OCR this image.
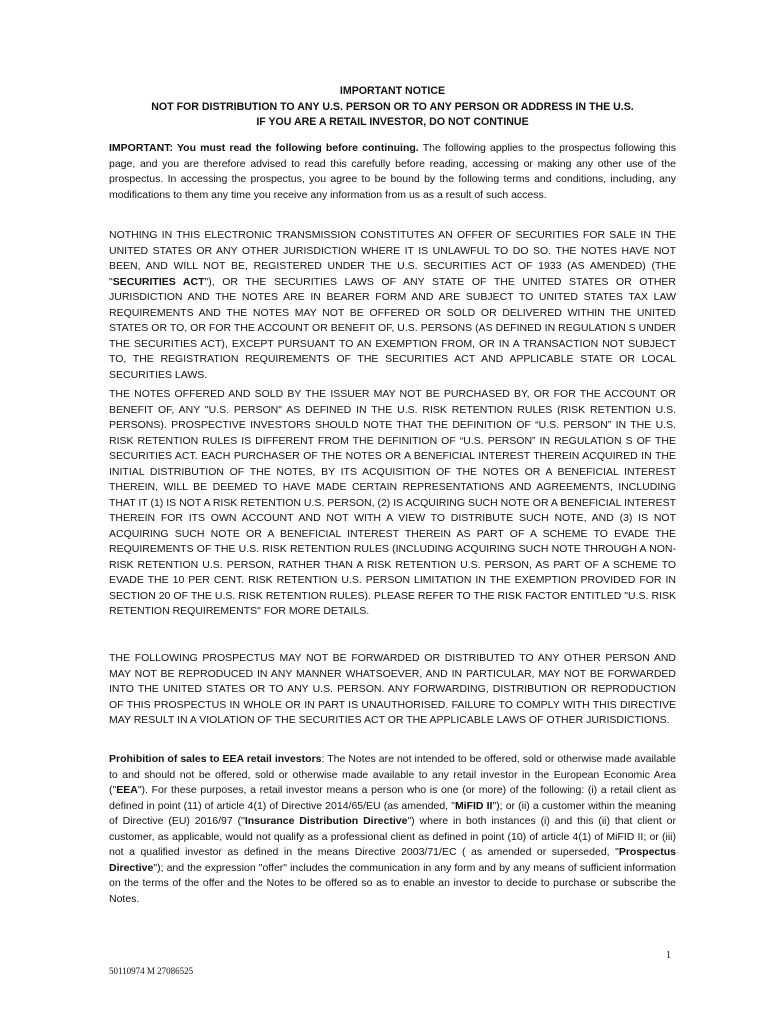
IMPORTANT NOTICE
NOT FOR DISTRIBUTION TO ANY U.S. PERSON OR TO ANY PERSON OR ADDRESS IN THE U.S.
IF YOU ARE A RETAIL INVESTOR, DO NOT CONTINUE

IMPORTANT: You must read the following before continuing. The following applies to the prospectus following this page, and you are therefore advised to read this carefully before reading, accessing or making any other use of the prospectus. In accessing the prospectus, you agree to be bound by the following terms and conditions, including, any modifications to them any time you receive any information from us as a result of such access.

NOTHING IN THIS ELECTRONIC TRANSMISSION CONSTITUTES AN OFFER OF SECURITIES FOR SALE IN THE UNITED STATES OR ANY OTHER JURISDICTION WHERE IT IS UNLAWFUL TO DO SO. THE NOTES HAVE NOT BEEN, AND WILL NOT BE, REGISTERED UNDER THE U.S. SECURITIES ACT OF 1933 (AS AMENDED) (THE "SECURITIES ACT"), OR THE SECURITIES LAWS OF ANY STATE OF THE UNITED STATES OR OTHER JURISDICTION AND THE NOTES ARE IN BEARER FORM AND ARE SUBJECT TO UNITED STATES TAX LAW REQUIREMENTS AND THE NOTES MAY NOT BE OFFERED OR SOLD OR DELIVERED WITHIN THE UNITED STATES OR TO, OR FOR THE ACCOUNT OR BENEFIT OF, U.S. PERSONS (AS DEFINED IN REGULATION S UNDER THE SECURITIES ACT), EXCEPT PURSUANT TO AN EXEMPTION FROM, OR IN A TRANSACTION NOT SUBJECT TO, THE REGISTRATION REQUIREMENTS OF THE SECURITIES ACT AND APPLICABLE STATE OR LOCAL SECURITIES LAWS.

THE NOTES OFFERED AND SOLD BY THE ISSUER MAY NOT BE PURCHASED BY, OR FOR THE ACCOUNT OR BENEFIT OF, ANY "U.S. PERSON" AS DEFINED IN THE U.S. RISK RETENTION RULES (RISK RETENTION U.S. PERSONS). PROSPECTIVE INVESTORS SHOULD NOTE THAT THE DEFINITION OF “U.S. PERSON” IN THE U.S. RISK RETENTION RULES IS DIFFERENT FROM THE DEFINITION OF “U.S. PERSON” IN REGULATION S OF THE SECURITIES ACT. EACH PURCHASER OF THE NOTES OR A BENEFICIAL INTEREST THEREIN ACQUIRED IN THE INITIAL DISTRIBUTION OF THE NOTES, BY ITS ACQUISITION OF THE NOTES OR A BENEFICIAL INTEREST THEREIN, WILL BE DEEMED TO HAVE MADE CERTAIN REPRESENTATIONS AND AGREEMENTS, INCLUDING THAT IT (1) IS NOT A RISK RETENTION U.S. PERSON, (2) IS ACQUIRING SUCH NOTE OR A BENEFICIAL INTEREST THEREIN FOR ITS OWN ACCOUNT AND NOT WITH A VIEW TO DISTRIBUTE SUCH NOTE, AND (3) IS NOT ACQUIRING SUCH NOTE OR A BENEFICIAL INTEREST THEREIN AS PART OF A SCHEME TO EVADE THE REQUIREMENTS OF THE U.S. RISK RETENTION RULES (INCLUDING ACQUIRING SUCH NOTE THROUGH A NON-RISK RETENTION U.S. PERSON, RATHER THAN A RISK RETENTION U.S. PERSON, AS PART OF A SCHEME TO EVADE THE 10 PER CENT. RISK RETENTION U.S. PERSON LIMITATION IN THE EXEMPTION PROVIDED FOR IN SECTION 20 OF THE U.S. RISK RETENTION RULES). PLEASE REFER TO THE RISK FACTOR ENTITLED "U.S. RISK RETENTION REQUIREMENTS" FOR MORE DETAILS.

THE FOLLOWING PROSPECTUS MAY NOT BE FORWARDED OR DISTRIBUTED TO ANY OTHER PERSON AND MAY NOT BE REPRODUCED IN ANY MANNER WHATSOEVER, AND IN PARTICULAR, MAY NOT BE FORWARDED INTO THE UNITED STATES OR TO ANY U.S. PERSON. ANY FORWARDING, DISTRIBUTION OR REPRODUCTION OF THIS PROSPECTUS IN WHOLE OR IN PART IS UNAUTHORISED. FAILURE TO COMPLY WITH THIS DIRECTIVE MAY RESULT IN A VIOLATION OF THE SECURITIES ACT OR THE APPLICABLE LAWS OF OTHER JURISDICTIONS.

Prohibition of sales to EEA retail investors: The Notes are not intended to be offered, sold or otherwise made available to and should not be offered, sold or otherwise made available to any retail investor in the European Economic Area ("EEA"). For these purposes, a retail investor means a person who is one (or more) of the following: (i) a retail client as defined in point (11) of article 4(1) of Directive 2014/65/EU (as amended, "MiFID II"); or (ii) a customer within the meaning of Directive (EU) 2016/97 ("Insurance Distribution Directive") where in both instances (i) and this (ii) that client or customer, as applicable, would not qualify as a professional client as defined in point (10) of article 4(1) of MiFID II; or (iii) not a qualified investor as defined in the means Directive 2003/71/EC ( as amended or superseded, "Prospectus Directive"); and the expression "offer" includes the communication in any form and by any means of sufficient information on the terms of the offer and the Notes to be offered so as to enable an investor to decide to purchase or subscribe the Notes.

1
50110974 M 27086525
